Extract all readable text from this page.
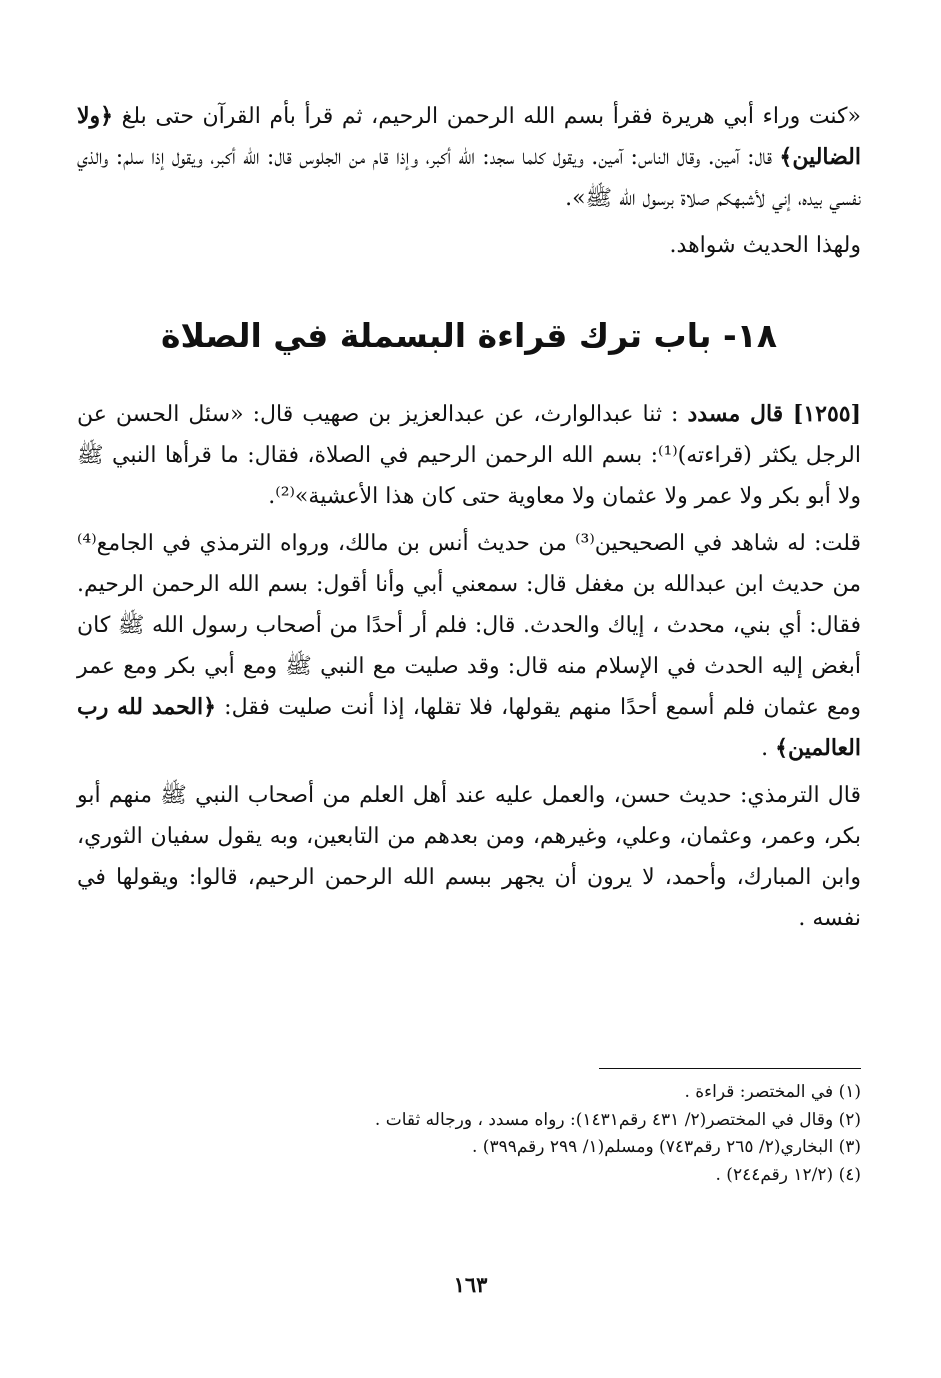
«كنت وراء أبي هريرة فقرأ بسم الله الرحمن الرحيم، ثم قرأ بأم القرآن حتى بلغ ﴿ولا الضالين﴾ قال: آمين. وقال الناس: آمين. ويقول كلما سجد: الله أكبر، وإذا قام من الجلوس قال: الله أكبر، ويقول إذا سلم: والذي نفسي بيده، إني لأشبهكم صلاة برسول الله ﷺ».

ولهذا الحديث شواهد.

١٨- باب ترك قراءة البسملة في الصلاة

[١٢٥٥] قال مسدد : ثنا عبدالوارث، عن عبدالعزيز بن صهيب قال: «سئل الحسن عن الرجل يكثر (قراءته)⁽¹⁾: بسم الله الرحمن الرحيم في الصلاة، فقال: ما قرأها النبي ﷺ ولا أبو بكر ولا عمر ولا عثمان ولا معاوية حتى كان هذا الأعشية»⁽²⁾.

قلت: له شاهد في الصحيحين⁽³⁾ من حديث أنس بن مالك، ورواه الترمذي في الجامع⁽⁴⁾ من حديث ابن عبدالله بن مغفل قال: سمعني أبي وأنا أقول: بسم الله الرحمن الرحيم. فقال: أي بني، محدث ، إياك والحدث. قال: فلم أر أحدًا من أصحاب رسول الله ﷺ كان أبغض إليه الحدث في الإسلام منه قال: وقد صليت مع النبي ﷺ ومع أبي بكر ومع عمر ومع عثمان فلم أسمع أحدًا منهم يقولها، فلا تقلها، إذا أنت صليت فقل: ﴿الحمد لله رب العالمين﴾ .

قال الترمذي: حديث حسن، والعمل عليه عند أهل العلم من أصحاب النبي ﷺ منهم أبو بكر، وعمر، وعثمان، وعلي، وغيرهم، ومن بعدهم من التابعين، وبه يقول سفيان الثوري، وابن المبارك، وأحمد، لا يرون أن يجهر ببسم الله الرحمن الرحيم، قالوا: ويقولها في نفسه .

(١) في المختصر: قراءة .

(٢) وقال في المختصر(٢/ ٤٣١ رقم١٤٣١): رواه مسدد ، ورجاله ثقات .

(٣) البخاري(٢/ ٢٦٥ رقم٧٤٣) ومسلم(١/ ٢٩٩ رقم٣٩٩) .

(٤) (١٢/٢ رقم٢٤٤) .

١٦٣
